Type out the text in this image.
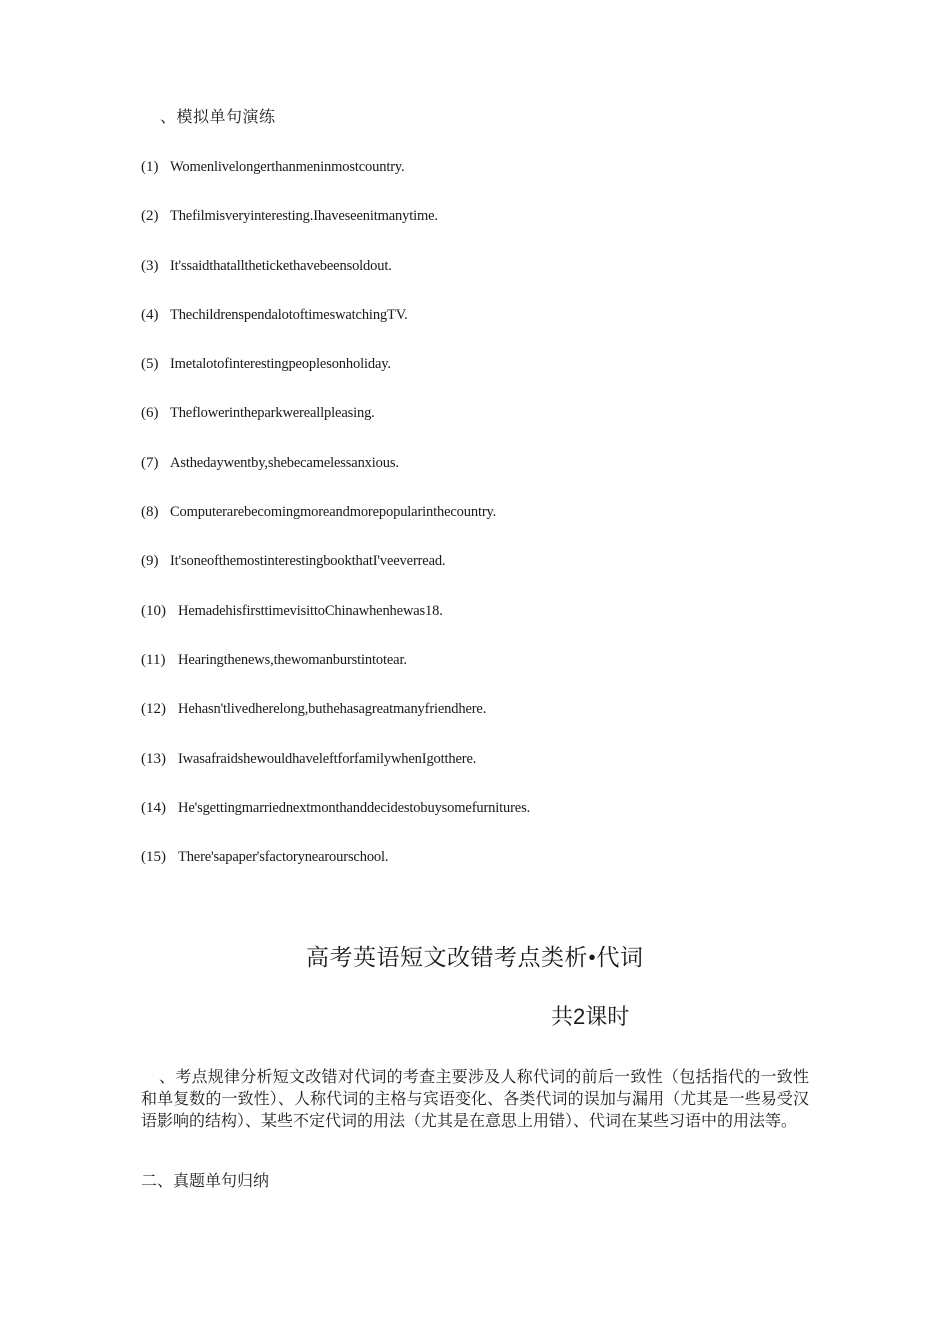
、模拟单句演练
(1) Womenlivelongerthanmeninmostcountry.
(2) Thefilmisveryinteresting.Ihaveseenitmanytime.
(3) It'ssaidthatallthetickethavebeensoldout.
(4) ThechildrenspendalotoftimeswatchingTV.
(5) Imetalotofinterestingpeoplesonholiday.
(6) Theflowerintheparkwereallpleasing.
(7) Asthedaywentby,shebecamelessanxious.
(8) Computerarebecomingmoreandmorepopularinthecountry.
(9) It'soneofthemostinterestingbookthatI'veeverread.
(10) HemadehisfirsttimevisittoChinawhenhewas18.
(11) Hearingthenews,thewomanburstintotear.
(12) Hehasn'tlivedherelong,buthehasagreatmanyfriendhere.
(13) IwasafraidshewouldhaveleftforfamilywhenIgotthere.
(14) He'sgettingmarriednextmonthanddecidestobuysomefurnitures.
(15) There'sapaper'sfactorynearourschool.
高考英语短文改错考点类析•代词
共2课时
、考点规律分析短文改错对代词的考查主要涉及人称代词的前后一致性（包括指代的一致性和单复数的一致性）、人称代词的主格与宾语变化、各类代词的误加与漏用（尤其是一些易受汉语影响的结构）、某些不定代词的用法（尤其是在意思上用错）、代词在某些习语中的用法等。
二、真题单句归纳
